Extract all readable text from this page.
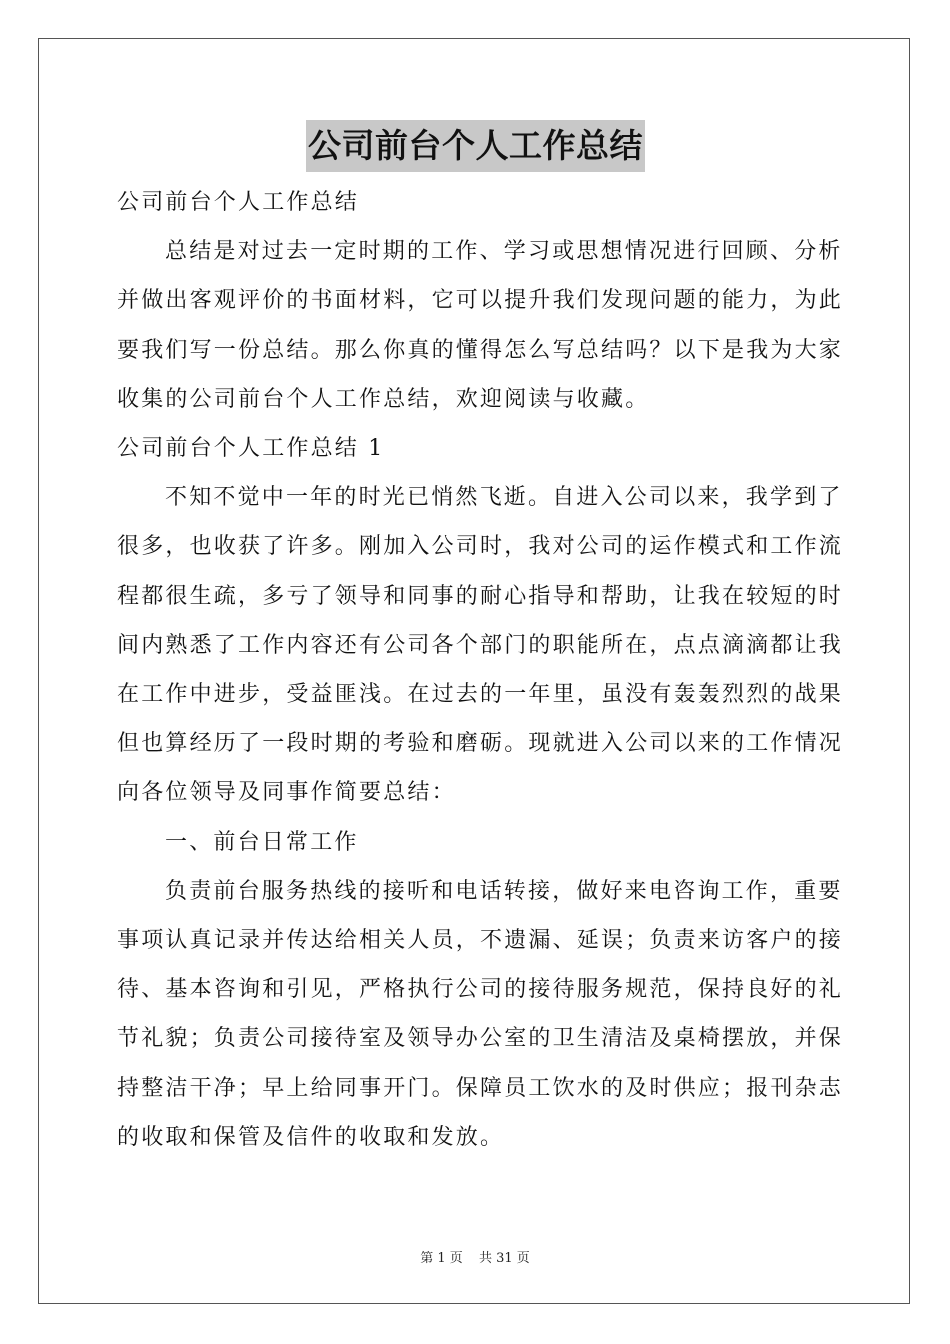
公司前台个人工作总结

公司前台个人工作总结

总结是对过去一定时期的工作、学习或思想情况进行回顾、分析

并做出客观评价的书面材料，它可以提升我们发现问题的能力，为此

要我们写一份总结。那么你真的懂得怎么写总结吗？以下是我为大家

收集的公司前台个人工作总结，欢迎阅读与收藏。

公司前台个人工作总结 1

不知不觉中一年的时光已悄然飞逝。自进入公司以来，我学到了

很多，也收获了许多。刚加入公司时，我对公司的运作模式和工作流

程都很生疏，多亏了领导和同事的耐心指导和帮助，让我在较短的时

间内熟悉了工作内容还有公司各个部门的职能所在，点点滴滴都让我

在工作中进步，受益匪浅。在过去的一年里，虽没有轰轰烈烈的战果

但也算经历了一段时期的考验和磨砺。现就进入公司以来的工作情况

向各位领导及同事作简要总结：

一、前台日常工作

负责前台服务热线的接听和电话转接，做好来电咨询工作，重要

事项认真记录并传达给相关人员，不遗漏、延误；负责来访客户的接

待、基本咨询和引见，严格执行公司的接待服务规范，保持良好的礼

节礼貌；负责公司接待室及领导办公室的卫生清洁及桌椅摆放，并保

持整洁干净；早上给同事开门。保障员工饮水的及时供应；报刊杂志

的收取和保管及信件的收取和发放。

第 1 页 共 31 页
